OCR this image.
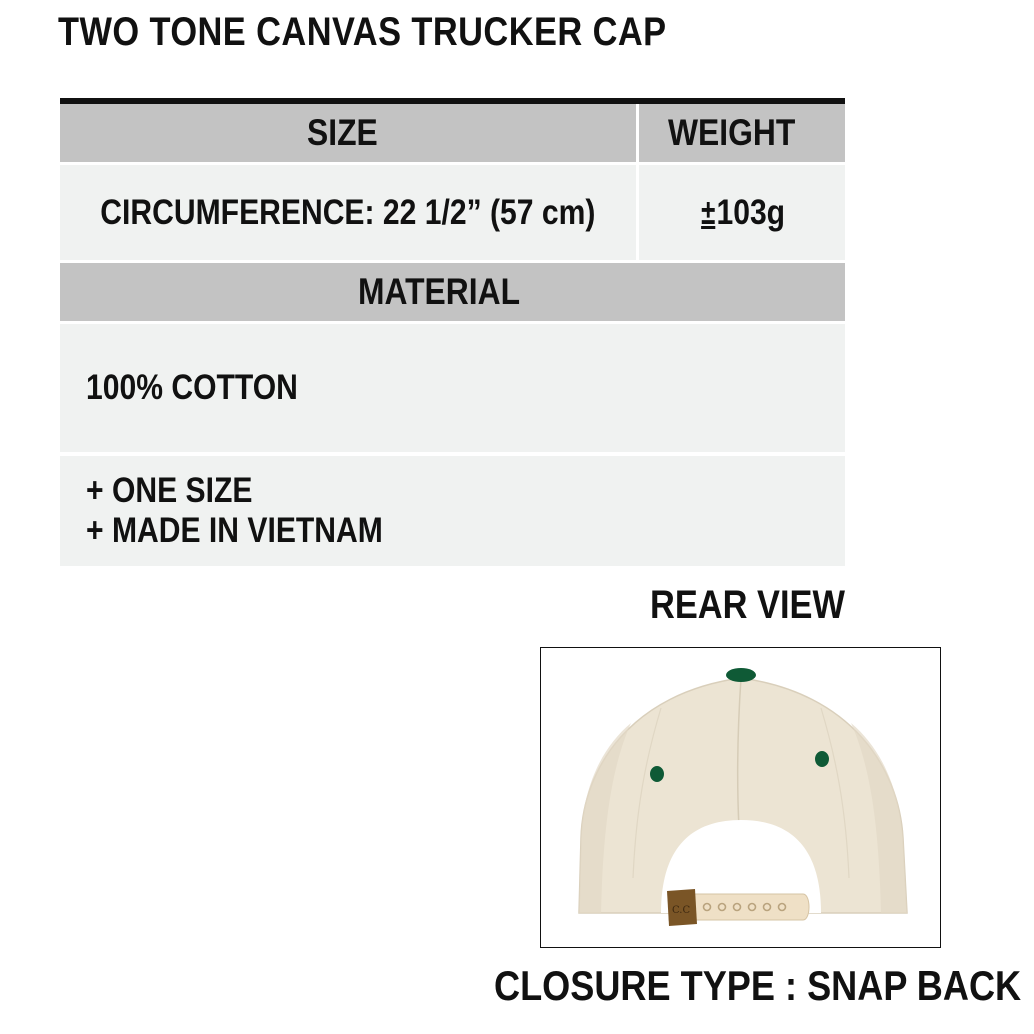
TWO TONE CANVAS TRUCKER CAP
SIZE	WEIGHT
CIRCUMFERENCE: 22 1/2” (57 cm)	±103g
MATERIAL
100% COTTON
+ ONE SIZE
+ MADE IN VIETNAM
REAR VIEW
C.C
CLOSURE TYPE : SNAP BACK
